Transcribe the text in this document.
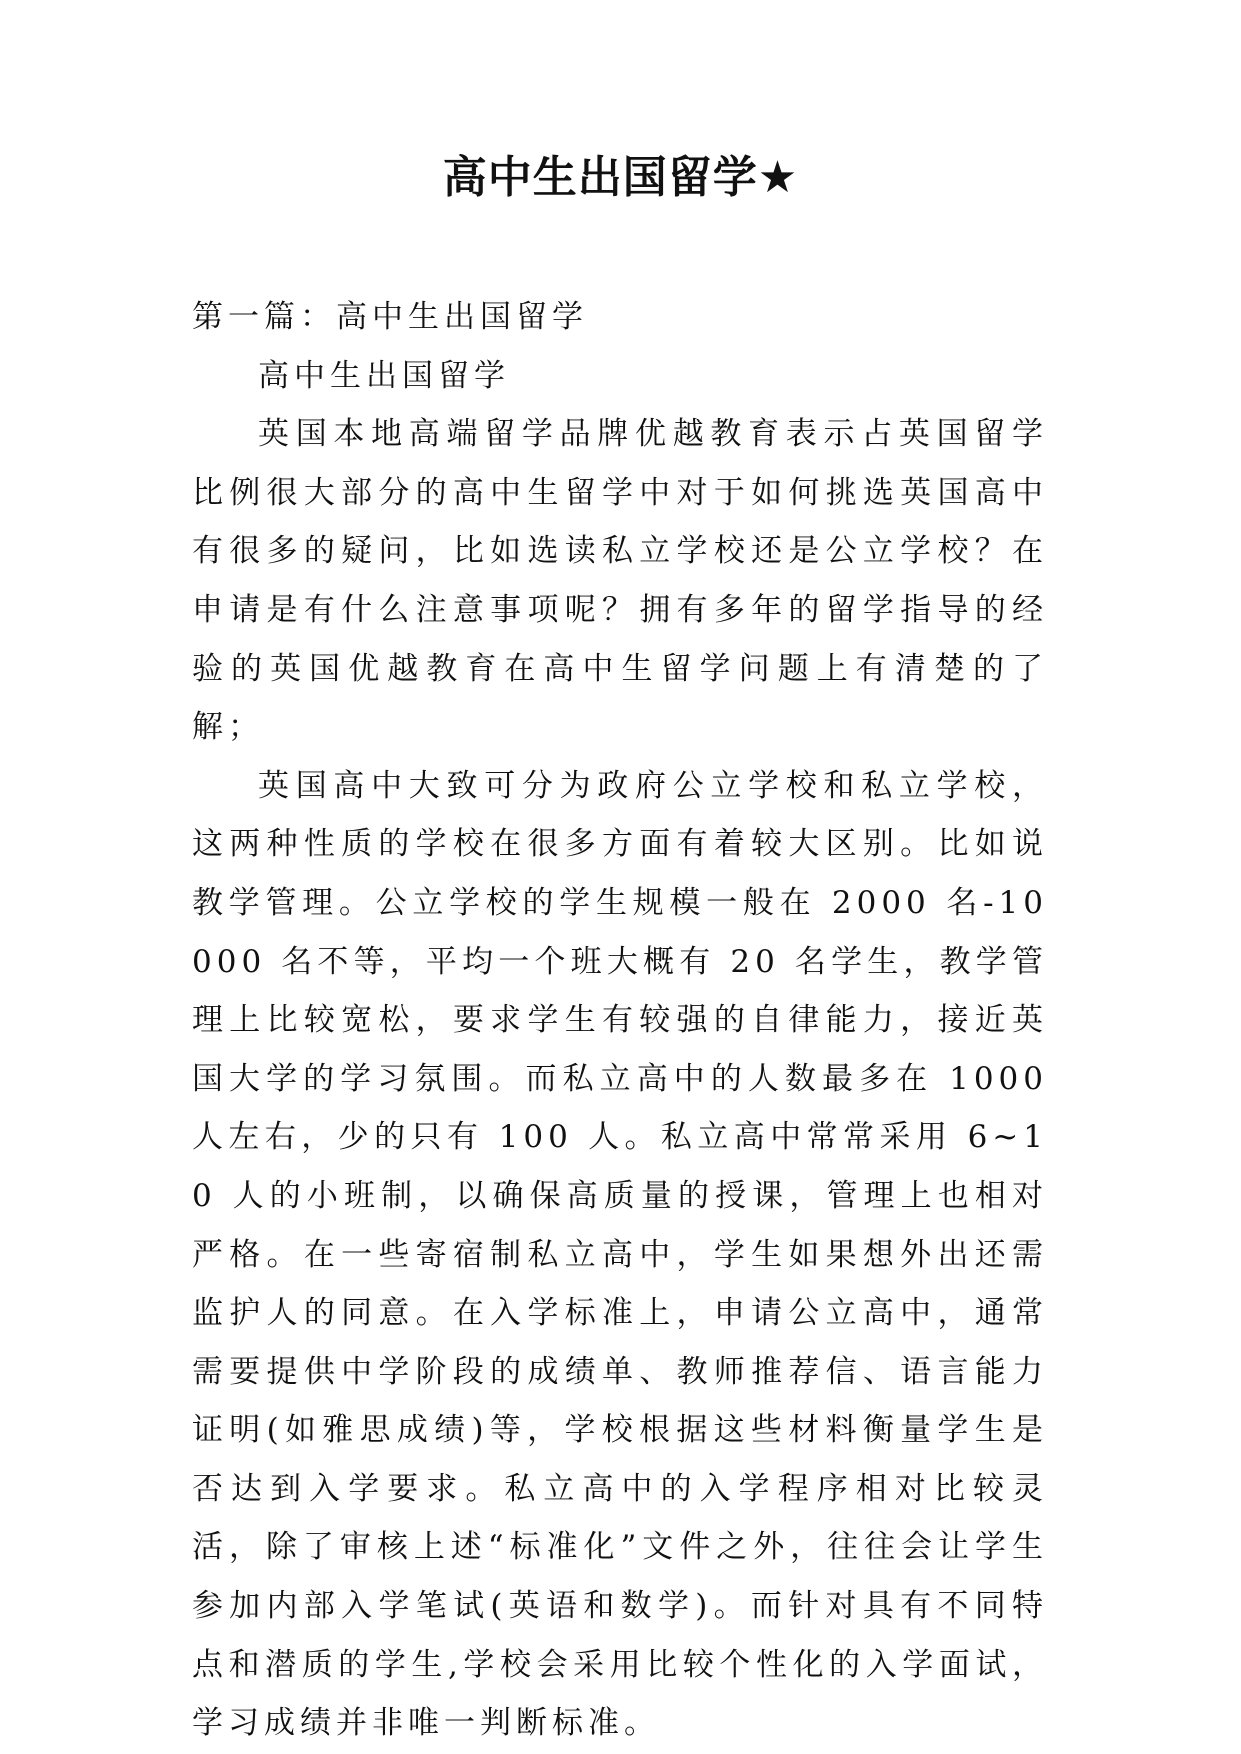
高中生出国留学★

第一篇：高中生出国留学

高中生出国留学

英国本地高端留学品牌优越教育表示占英国留学比例很大部分的高中生留学中对于如何挑选英国高中有很多的疑问，比如选读私立学校还是公立学校？在申请是有什么注意事项呢？拥有多年的留学指导的经验的英国优越教育在高中生留学问题上有清楚的了解；

英国高中大致可分为政府公立学校和私立学校，这两种性质的学校在很多方面有着较大区别。比如说教学管理。公立学校的学生规模一般在 2000 名-10000 名不等，平均一个班大概有 20 名学生，教学管理上比较宽松，要求学生有较强的自律能力，接近英国大学的学习氛围。而私立高中的人数最多在 1000 人左右，少的只有 100 人。私立高中常常采用 6~10 人的小班制，以确保高质量的授课，管理上也相对严格。在一些寄宿制私立高中，学生如果想外出还需监护人的同意。在入学标准上，申请公立高中，通常需要提供中学阶段的成绩单、教师推荐信、语言能力证明(如雅思成绩)等，学校根据这些材料衡量学生是否达到入学要求。私立高中的入学程序相对比较灵活，除了审核上述“标准化”文件之外，往往会让学生参加内部入学笔试(英语和数学)。而针对具有不同特点和潜质的学生,学校会采用比较个性化的入学面试，学习成绩并非唯一判断标准。
